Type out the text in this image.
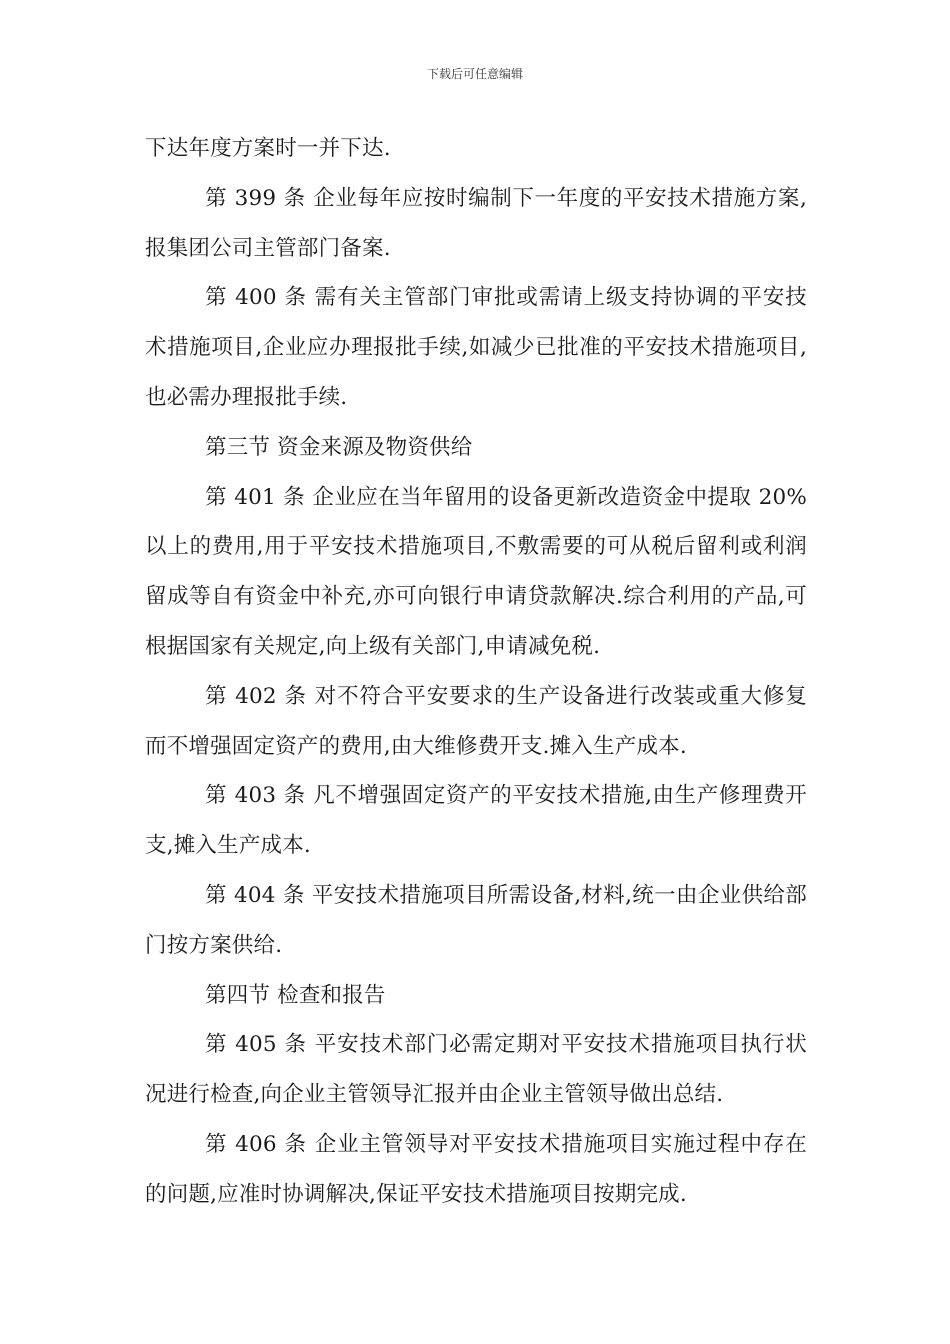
下载后可任意编辑

下达年度方案时一并下达.

第 399 条 企业每年应按时编制下一年度的平安技术措施方案,报集团公司主管部门备案.

第 400 条 需有关主管部门审批或需请上级支持协调的平安技术措施项目,企业应办理报批手续,如减少已批准的平安技术措施项目,也必需办理报批手续.

第三节 资金来源及物资供给

第 401 条 企业应在当年留用的设备更新改造资金中提取 20%以上的费用,用于平安技术措施项目,不敷需要的可从税后留利或利润留成等自有资金中补充,亦可向银行申请贷款解决.综合利用的产品,可根据国家有关规定,向上级有关部门,申请减免税.

第 402 条 对不符合平安要求的生产设备进行改装或重大修复而不增强固定资产的费用,由大维修费开支.摊入生产成本.

第 403 条 凡不增强固定资产的平安技术措施,由生产修理费开支,摊入生产成本.

第 404 条 平安技术措施项目所需设备,材料,统一由企业供给部门按方案供给.

第四节 检查和报告

第 405 条 平安技术部门必需定期对平安技术措施项目执行状况进行检查,向企业主管领导汇报并由企业主管领导做出总结.

第 406 条 企业主管领导对平安技术措施项目实施过程中存在的问题,应准时协调解决,保证平安技术措施项目按期完成.
